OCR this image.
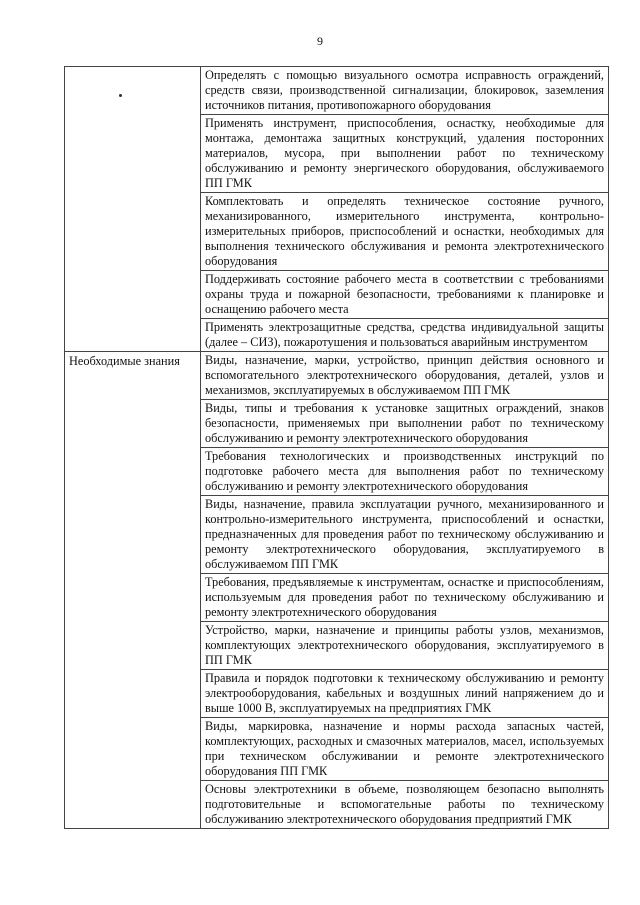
9
	Определять с помощью визуального осмотра исправность ограждений, средств связи, производственной сигнализации, блокировок, заземления источников питания, противопожарного оборудования
	Применять инструмент, приспособления, оснастку, необходимые для монтажа, демонтажа защитных конструкций, удаления посторонних материалов, мусора, при выполнении работ по техническому обслуживанию и ремонту энергического оборудования, обслуживаемого ПП ГМК
	Комплектовать и определять техническое состояние ручного, механизированного, измерительного инструмента, контрольно-измерительных приборов, приспособлений и оснастки, необходимых для выполнения технического обслуживания и ремонта электротехнического оборудования
	Поддерживать состояние рабочего места в соответствии с требованиями охраны труда и пожарной безопасности, требованиями к планировке и оснащению рабочего места
	Применять электрозащитные средства, средства индивидуальной защиты (далее – СИЗ), пожаротушения и пользоваться аварийным инструментом
Необходимые знания	Виды, назначение, марки, устройство, принцип действия основного и вспомогательного электротехнического оборудования, деталей, узлов и механизмов, эксплуатируемых в обслуживаемом ПП ГМК
	Виды, типы и требования к установке защитных ограждений, знаков безопасности, применяемых при выполнении работ по техническому обслуживанию и ремонту электротехнического оборудования
	Требования технологических и производственных инструкций по подготовке рабочего места для выполнения работ по техническому обслуживанию и ремонту электротехнического оборудования
	Виды, назначение, правила эксплуатации ручного, механизированного и контрольно-измерительного инструмента, приспособлений и оснастки, предназначенных для проведения работ по техническому обслуживанию и ремонту электротехнического оборудования, эксплуатируемого в обслуживаемом ПП ГМК
	Требования, предъявляемые к инструментам, оснастке и приспособлениям, используемым для проведения работ по техническому обслуживанию и ремонту электротехнического оборудования
	Устройство, марки, назначение и принципы работы узлов, механизмов, комплектующих электротехнического оборудования, эксплуатируемого в ПП ГМК
	Правила и порядок подготовки к техническому обслуживанию и ремонту электрооборудования, кабельных и воздушных линий напряжением до и выше 1000 В, эксплуатируемых на предприятиях ГМК
	Виды, маркировка, назначение и нормы расхода запасных частей, комплектующих, расходных и смазочных материалов, масел, используемых при техническом обслуживании и ремонте электротехнического оборудования ПП ГМК
	Основы электротехники в объеме, позволяющем безопасно выполнять подготовительные и вспомогательные работы по техническому обслуживанию электротехнического оборудования предприятий ГМК
